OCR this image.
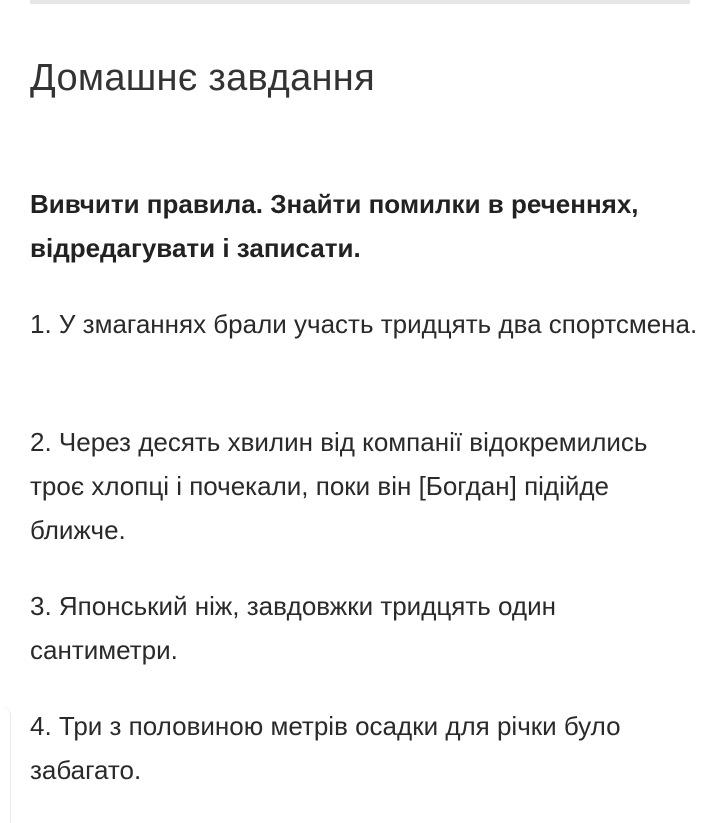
Домашнє завдання

Вивчити правила. Знайти помилки в реченнях, відредагувати і записати.

1. У змаганнях брали участь тридцять два спортсмена.

2. Через десять хвилин від компанії відокремились троє хлопці і почекали, поки він [Богдан] підійде ближче.

3. Японський ніж, завдовжки тридцять один сантиметри.

4. Три з половиною метрів осадки для річки було забагато.
